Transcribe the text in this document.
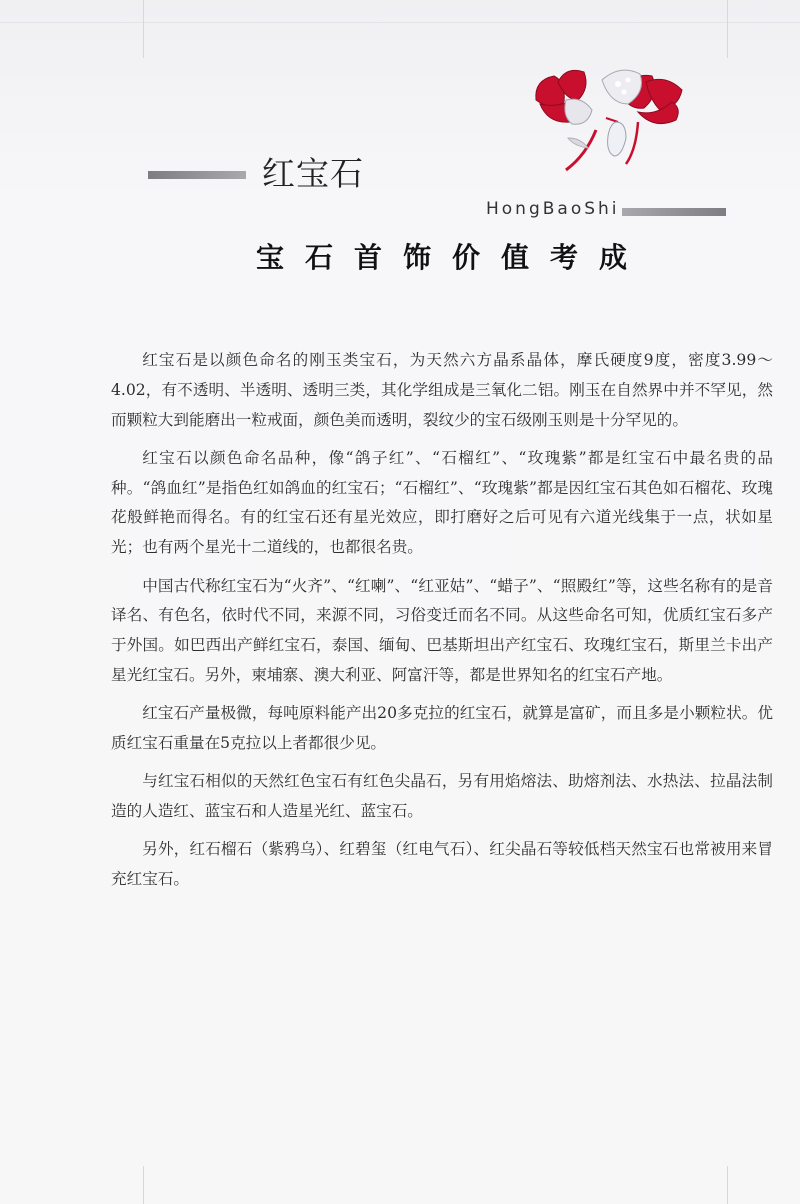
红宝石
HongBaoShi
宝石首饰价值考成

红宝石是以颜色命名的刚玉类宝石，为天然六方晶系晶体，摩氏硬度9度，密度3.99～4.02，有不透明、半透明、透明三类，其化学组成是三氧化二铝。刚玉在自然界中并不罕见，然而颗粒大到能磨出一粒戒面，颜色美而透明，裂纹少的宝石级刚玉则是十分罕见的。

红宝石以颜色命名品种，像“鸽子红”、“石榴红”、“玫瑰紫”都是红宝石中最名贵的品种。“鸽血红”是指色红如鸽血的红宝石；“石榴红”、“玫瑰紫”都是因红宝石其色如石榴花、玫瑰花般鲜艳而得名。有的红宝石还有星光效应，即打磨好之后可见有六道光线集于一点，状如星光；也有两个星光十二道线的，也都很名贵。

中国古代称红宝石为“火齐”、“红喇”、“红亚姑”、“蜡子”、“照殿红”等，这些名称有的是音译名、有色名，依时代不同，来源不同，习俗变迁而名不同。从这些命名可知，优质红宝石多产于外国。如巴西出产鲜红宝石，泰国、缅甸、巴基斯坦出产红宝石、玫瑰红宝石，斯里兰卡出产星光红宝石。另外，柬埔寨、澳大利亚、阿富汗等，都是世界知名的红宝石产地。

红宝石产量极微，每吨原料能产出20多克拉的红宝石，就算是富矿，而且多是小颗粒状。优质红宝石重量在5克拉以上者都很少见。

与红宝石相似的天然红色宝石有红色尖晶石，另有用焰熔法、助熔剂法、水热法、拉晶法制造的人造红、蓝宝石和人造星光红、蓝宝石。

另外，红石榴石（紫鸦乌）、红碧玺（红电气石）、红尖晶石等较低档天然宝石也常被用来冒充红宝石。
